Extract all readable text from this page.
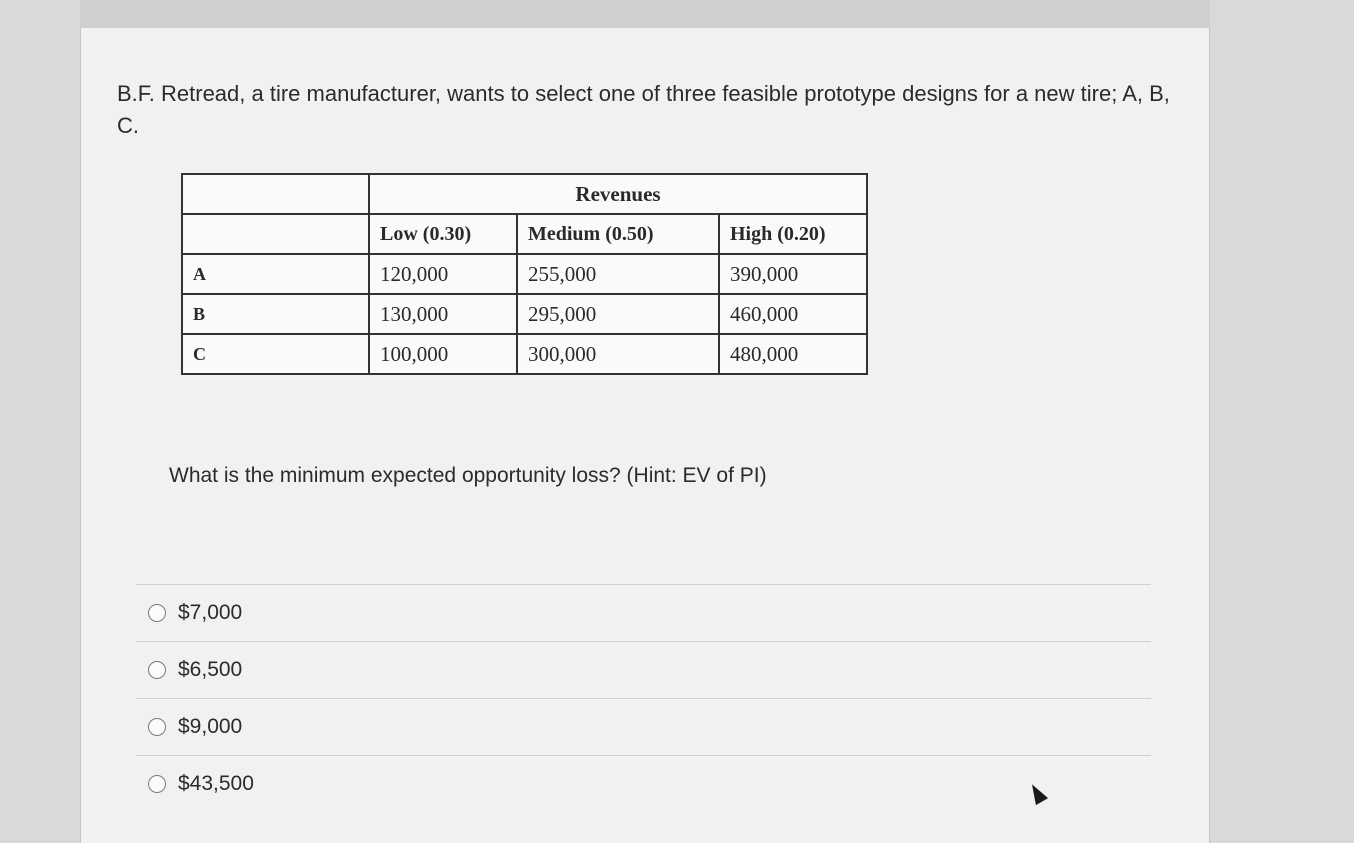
B.F. Retread, a tire manufacturer, wants to select one of three feasible prototype designs for a new tire; A, B, C.

	Revenues		
	Low (0.30)	Medium (0.50)	High (0.20)
A	120,000	255,000	390,000
B	130,000	295,000	460,000
C	100,000	300,000	480,000

What is the minimum expected opportunity loss? (Hint: EV of PI)

$7,000
$6,500
$9,000
$43,500
